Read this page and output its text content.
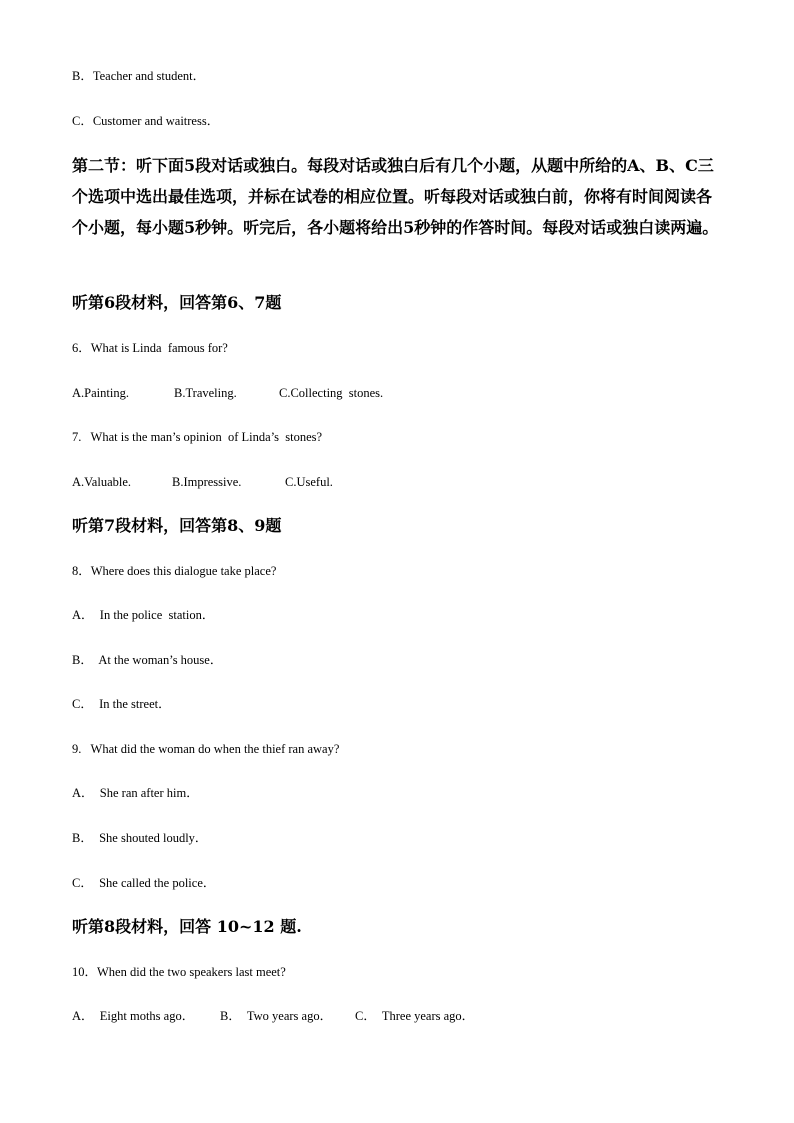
B．Teacher and student．
C．Customer and waitress．
第二节：听下面5段对话或独白。每段对话或独白后有几个小题，从题中所给的A、B、C三个选项中选出最佳选项，并标在试卷的相应位置。听每段对话或独白前，你将有时间阅读各个小题，每小题5秒钟。听完后，各小题将给出5秒钟的作答时间。每段对话或独白读两遍。
听第6段材料，回答第6、7题
6．What is Linda  famous for?
A.Painting.	B.Traveling.	C.Collecting  stones.
7.   What is the man’s opinion  of Linda’s  stones?
A.Valuable.	B.Impressive.	C.Useful.
听第7段材料，回答第8、9题
8．Where does this dialogue take place?
A．  In the police  station．
B．  At the woman’s house．
C．  In the street．
9.   What did the woman do when the thief ran away?
A．  She ran after him．
B．  She shouted loudly．
C．  She called the police．
听第8段材料，回答 10~12 题.
10．When did the two speakers last meet?
A．  Eight moths ago． B．  Two years ago． C．  Three years ago．
